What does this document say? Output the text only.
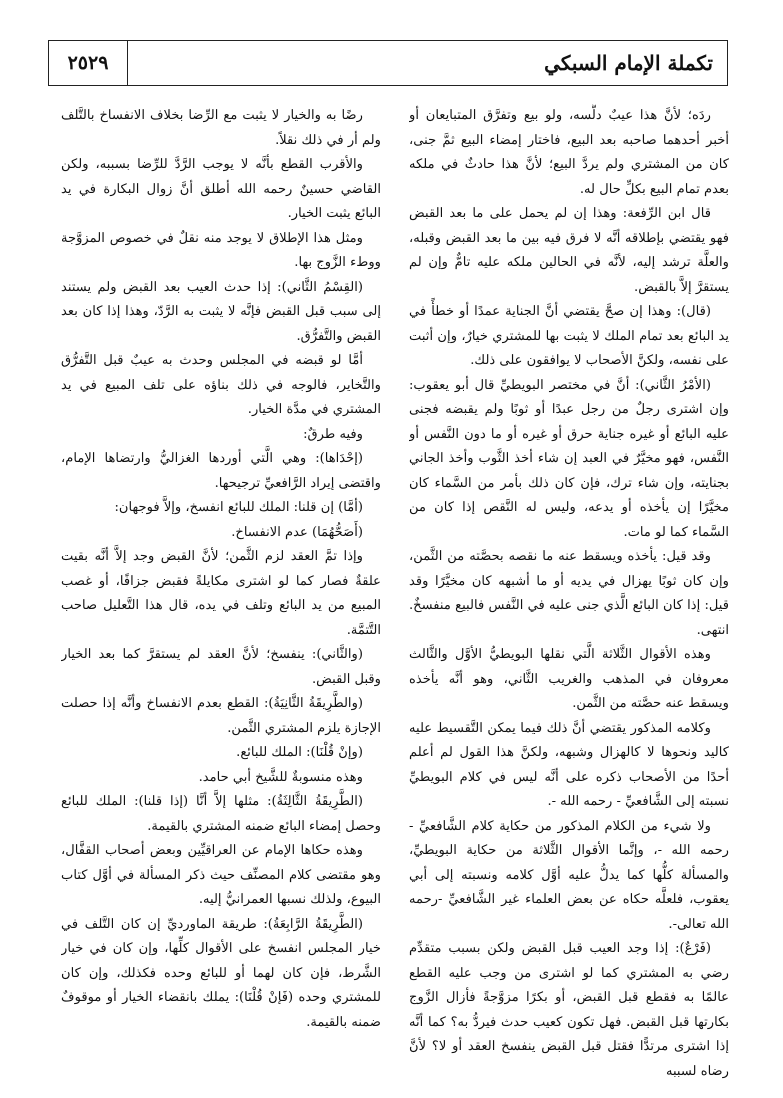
تكملة الإمام السبكي
٢٥٢٩

ردَه؛ لأنَّ هذا عيبٌ دلَّسه، ولو بيع وتفرَّق المتبايعان أو أخبر أحدهما صاحبه بعد البيع، فاختار إمضاء البيع ثمَّ جنى، كان من المشتري ولم يردَّ البيع؛ لأنَّ هذا حادثٌ في ملكه بعدم تمام البيع بكلِّ حال له.

قال ابن الرِّفعة: وهذا إن لم يحمل على ما بعد القبض فهو يقتضي بإطلاقه أنَّه لا فرق فيه بين ما بعد القبض وقبله، والعلَّة ترشد إليه، لأنَّه في الحالين ملكه عليه تامٌّ وإن لم يستقرَّ إلاَّ بالقبض.

(قال): وهذا إن صحَّ يقتضي أنَّ الجناية عمدًا أو خطأً في يد البائع بعد تمام الملك لا يثبت بها للمشتري خيارٌ، وإن أثبت على نفسه، ولكنَّ الأصحاب لا يوافقون على ذلك.

(الأمْرُ الثَّاني): أنَّ في مختصر البويطيِّ قال أبو يعقوب: وإن اشترى رجلٌ من رجل عبدًا أو ثوبًا ولم يقبضه فجنى عليه البائع أو غيره جناية حرق أو غيره أو ما دون النَّفس أو النَّفس، فهو مخيَّرٌ في العبد إن شاء أخذ الثَّوب وأخذ الجاني بجنايته، وإن شاء ترك، فإن كان ذلك بأمر من السَّماء كان مخيَّرًا إن يأخذه أو يدعه، وليس له النَّقص إذا كان من السَّماء كما لو مات.

وقد قيل: يأخذه ويسقط عنه ما نقصه بحصَّته من الثَّمن، وإن كان ثوبًا يهزال في يديه أو ما أشبهه كان مخيَّرًا وقد قيل: إذا كان البائع الَّذي جنى عليه في النَّفس فالبيع منفسخٌ. انتهى.

وهذه الأقوال الثَّلاثة الَّتي نقلها البويطيُّ الأوَّل والثَّالث معروفان في المذهب والغريب الثَّاني، وهو أنَّه يأخذه ويسقط عنه حصَّته من الثَّمن.

وكلامه المذكور يقتضي أنَّ ذلك فيما يمكن التَّقسيط عليه كاليد ونحوها لا كالهزال وشبهه، ولكنَّ هذا القول لم أعلم أحدًا من الأصحاب ذكره على أنَّه ليس في كلام البويطيِّ نسبته إلى الشَّافعيِّ - رحمه الله -.

ولا شيء من الكلام المذكور من حكاية كلام الشَّافعيِّ - رحمه الله -، وإنَّما الأقوال الثَّلاثة من حكاية البويطيِّ، والمسألة كلُّها كما يدلُّ عليه أوَّل كلامه ونسبته إلى أبي يعقوب، فلعلَّه حكاه عن بعض العلماء غير الشَّافعيِّ -رحمه الله تعالى-.

(فَرْعٌ): إذا وجد العيب قبل القبض ولكن بسبب متقدِّم رضي به المشتري كما لو اشترى من وجب عليه القطع عالمًا به فقطع قبل القبض، أو بكرًا مزوَّجةً فأزال الزَّوج بكارتها قبل القبض. فهل تكون كعيب حدث فيردُّ به؟ كما أنَّه إذا اشترى مرتدًّا فقتل قبل القبض ينفسخ العقد أو لا؟ لأنَّ رضاه لسببه

رضًا به والخيار لا يثبت مع الرِّضا بخلاف الانفساخ بالتَّلف ولم أر في ذلك نقلاً.

والأقرب القطع بأنَّه لا يوجب الرَّدَّ للرِّضا بسببه، ولكن القاضي حسينٌ رحمه الله أطلق أنَّ زوال البكارة في يد البائع يثبت الخيار.

ومثل هذا الإطلاق لا يوجد منه نقلٌ في خصوص المزوَّجة ووطء الزَّوج بها.

(القِسْمُ الثَّاني): إذا حدث العيب بعد القبض ولم يستند إلى سبب قبل القبض فإنَّه لا يثبت به الرَّدّ، وهذا إذا كان بعد القبض والتَّفرُّق.

أمَّا لو قبضه في المجلس وحدث به عيبٌ قبل التَّفرُّق والتَّخاير، فالوجه في ذلك بناؤه على تلف المبيع في يد المشتري في مدَّة الخيار.

وفيه طرقٌ:

(إحْدَاها): وهي الَّتي أوردها الغزاليُّ وارتضاها الإمام، واقتضى إيراد الرَّافعيِّ ترجيحها.

(أمَّا) إن قلنا: الملك للبائع انفسخ، وإلاَّ فوجهان:

(أَصَحُّهُمَا) عدم الانفساخ.

وإذا تمَّ العقد لزم الثَّمن؛ لأنَّ القبض وجد إلاَّ أنَّه بقيت علقةٌ فصار كما لو اشترى مكايلةً فقبض جزافًا، أو غصب المبيع من يد البائع وتلف في يده، قال هذا التَّعليل صاحب التَّتمَّة.

(والثَّاني): ينفسخ؛ لأنَّ العقد لم يستقرَّ كما بعد الخيار وقبل القبض.

(والطَّرِيقَةُ الثَّانِيَةُ): القطع بعدم الانفساخ وأنَّه إذا حصلت الإجازة يلزم المشتري الثَّمن.

(وإنْ قُلْنَا): الملك للبائع.

وهذه منسوبةٌ للشَّيخ أبي حامد.

(الطَّرِيقَةُ الثَّالِثَةُ): مثلها إلاَّ أنَّا (إذا قلنا): الملك للبائع وحصل إمضاء البائع ضمنه المشتري بالقيمة.

وهذه حكاها الإمام عن العراقيِّين وبعض أصحاب القفَّال، وهو مقتضى كلام المصنِّف حيث ذكر المسألة في أوَّل كتاب البيوع، ولذلك نسبها العمرانيُّ إليه.

(الطَّرِيقَةُ الرَّابِعَةُ): طريقة الماورديِّ إن كان التَّلف في خيار المجلس انفسخ على الأقوال كلِّها، وإن كان في خيار الشَّرط، فإن كان لهما أو للبائع وحده فكذلك، وإن كان للمشتري وحده (فَإنْ قُلْنَا): يملك بانقضاء الخيار أو موقوفٌ ضمنه بالقيمة.
